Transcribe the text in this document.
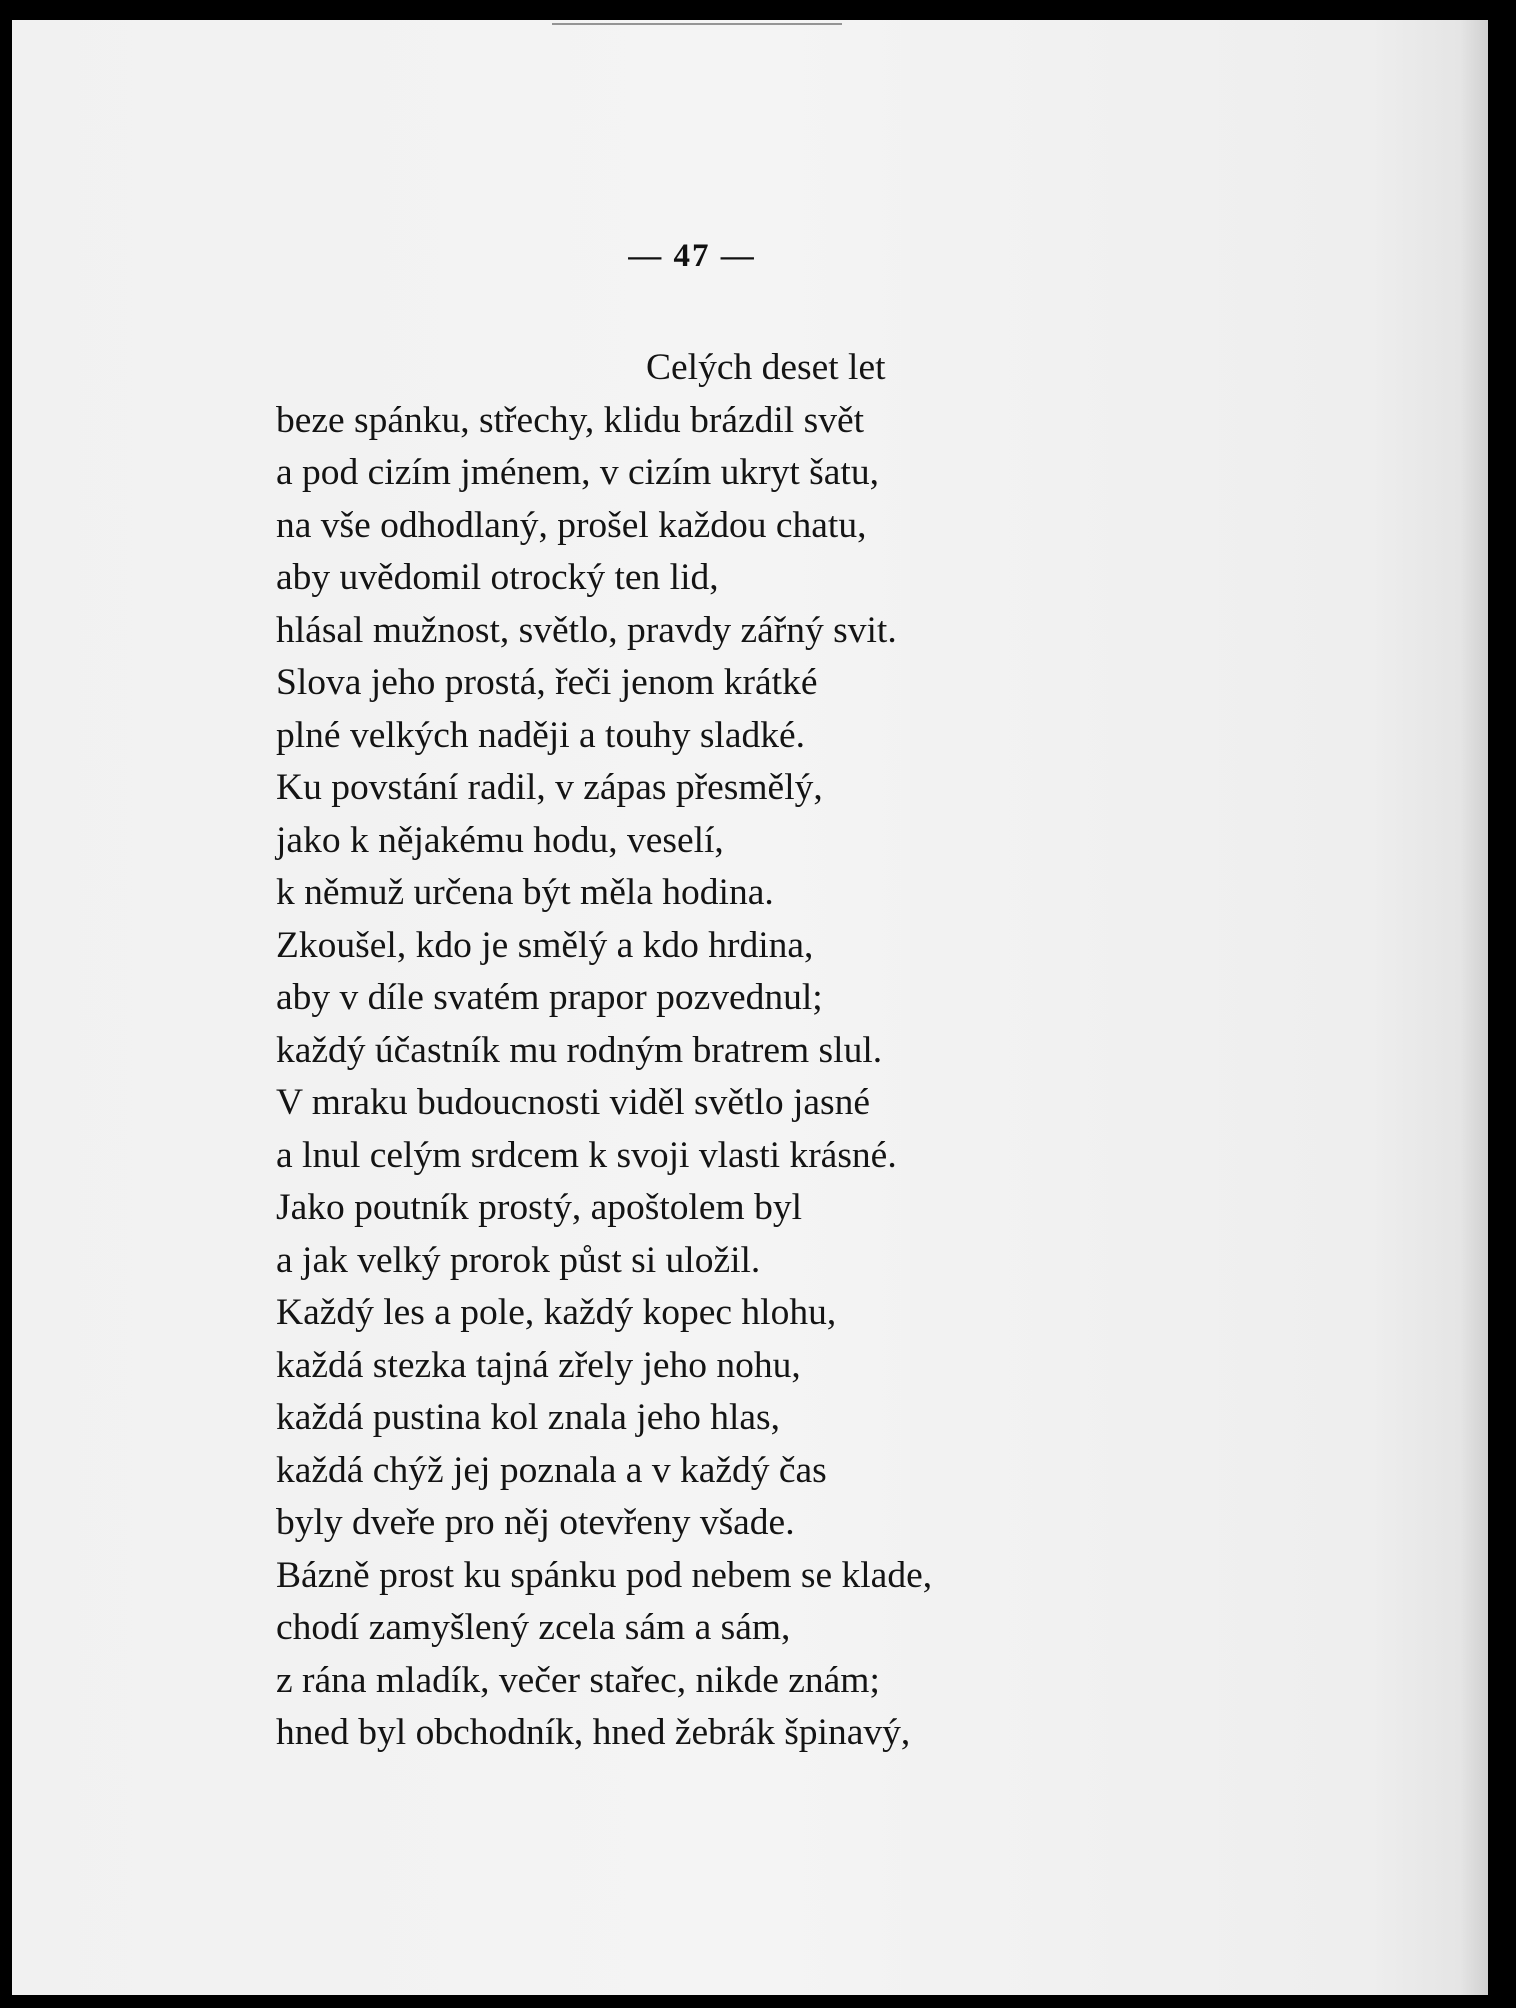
— 47 —
Celých deset let
beze spánku, střechy, klidu brázdil svět
a pod cizím jménem, v cizím ukryt šatu,
na vše odhodlaný, prošel každou chatu,
aby uvědomil otrocký ten lid,
hlásal mužnost, světlo, pravdy zářný svit.
Slova jeho prostá, řeči jenom krátké
plné velkých naději a touhy sladké.
Ku povstání radil, v zápas přesmělý,
jako k nějakému hodu, veselí,
k němuž určena být měla hodina.
Zkoušel, kdo je smělý a kdo hrdina,
aby v díle svatém prapor pozvednul;
každý účastník mu rodným bratrem slul.
V mraku budoucnosti viděl světlo jasné
a lnul celým srdcem k svoji vlasti krásné.
Jako poutník prostý, apoštolem byl
a jak velký prorok půst si uložil.
Každý les a pole, každý kopec hlohu,
každá stezka tajná zřely jeho nohu,
každá pustina kol znala jeho hlas,
každá chýž jej poznala a v každý čas
byly dveře pro něj otevřeny všade.
Bázně prost ku spánku pod nebem se klade,
chodí zamyšlený zcela sám a sám,
z rána mladík, večer stařec, nikde znám;
hned byl obchodník, hned žebrák špinavý,
